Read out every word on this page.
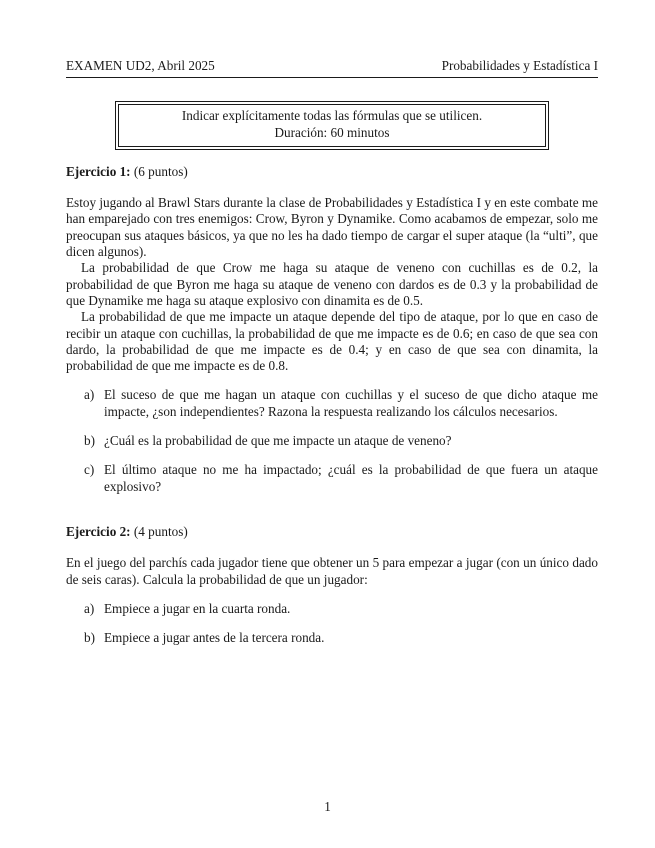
EXAMEN UD2, Abril 2025	Probabilidades y Estadística I
Indicar explícitamente todas las fórmulas que se utilicen.
Duración: 60 minutos
Ejercicio 1: (6 puntos)

Estoy jugando al Brawl Stars durante la clase de Probabilidades y Estadística I y en este combate me han emparejado con tres enemigos: Crow, Byron y Dynamike. Como acabamos de empezar, solo me preocupan sus ataques básicos, ya que no les ha dado tiempo de cargar el super ataque (la “ulti”, que dicen algunos).

La probabilidad de que Crow me haga su ataque de veneno con cuchillas es de 0.2, la probabilidad de que Byron me haga su ataque de veneno con dardos es de 0.3 y la probabilidad de que Dynamike me haga su ataque explosivo con dinamita es de 0.5.

La probabilidad de que me impacte un ataque depende del tipo de ataque, por lo que en caso de recibir un ataque con cuchillas, la probabilidad de que me impacte es de 0.6; en caso de que sea con dardo, la probabilidad de que me impacte es de 0.4; y en caso de que sea con dinamita, la probabilidad de que me impacte es de 0.8.

a) El suceso de que me hagan un ataque con cuchillas y el suceso de que dicho ataque me impacte, ¿son independientes? Razona la respuesta realizando los cálculos necesarios.
b) ¿Cuál es la probabilidad de que me impacte un ataque de veneno?
c) El último ataque no me ha impactado; ¿cuál es la probabilidad de que fuera un ataque explosivo?
Ejercicio 2: (4 puntos)

En el juego del parchís cada jugador tiene que obtener un 5 para empezar a jugar (con un único dado de seis caras). Calcula la probabilidad de que un jugador:

a) Empiece a jugar en la cuarta ronda.
b) Empiece a jugar antes de la tercera ronda.
1
